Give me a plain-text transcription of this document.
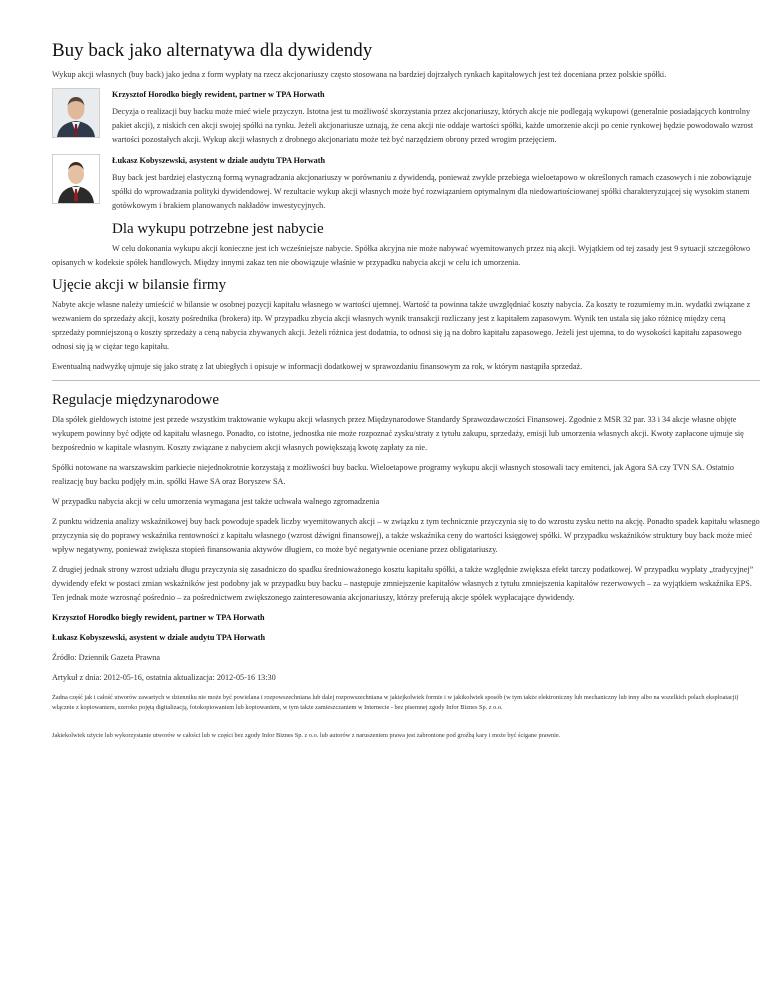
Buy back jako alternatywa dla dywidendy

Wykup akcji własnych (buy back) jako jedna z form wypłaty na rzecz akcjonariuszy często stosowana na bardziej dojrzałych rynkach kapitałowych jest też doceniana przez polskie spółki.

Krzysztof Horodko biegły rewident, partner w TPA Horwath

Decyzja o realizacji buy backu może mieć wiele przyczyn. Istotna jest tu możliwość skorzystania przez akcjonariuszy, których akcje nie podlegają wykupowi (generalnie posiadających kontrolny pakiet akcji), z niskich cen akcji swojej spółki na rynku. Jeżeli akcjonariusze uznają, że cena akcji nie oddaje wartości spółki, każde umorzenie akcji po cenie rynkowej będzie powodowało wzrost wartości pozostałych akcji. Wykup akcji własnych z drobnego akcjonariatu może też być narzędziem obrony przed wrogim przejęciem.

Łukasz Kobyszewski, asystent w dziale audytu TPA Horwath

Buy back jest bardziej elastyczną formą wynagradzania akcjonariuszy w porównaniu z dywidendą, ponieważ zwykle przebiega wieloetapowo w określonych ramach czasowych i nie zobowiązuje spółki do wprowadzania polityki dywidendowej. W rezultacie wykup akcji własnych może być rozwiązaniem optymalnym dla niedowartościowanej spółki charakteryzującej się wysokim stanem gotówkowym i brakiem planowanych nakładów inwestycyjnych.

Dla wykupu potrzebne jest nabycie

W celu dokonania wykupu akcji konieczne jest ich wcześniejsze nabycie. Spółka akcyjna nie może nabywać wyemitowanych przez nią akcji. Wyjątkiem od tej zasady jest 9 sytuacji szczegółowo opisanych w kodeksie spółek handlowych. Między innymi zakaz ten nie obowiązuje właśnie w przypadku nabycia akcji w celu ich umorzenia.

Ujęcie akcji w bilansie firmy

Nabyte akcje własne należy umieścić w bilansie w osobnej pozycji kapitału własnego w wartości ujemnej. Wartość ta powinna także uwzględniać koszty nabycia. Za koszty te rozumiemy m.in. wydatki związane z wezwaniem do sprzedaży akcji, koszty pośrednika (brokera) itp. W przypadku zbycia akcji własnych wynik transakcji rozliczany jest z kapitałem zapasowym. Wynik ten ustala się jako różnicę między ceną sprzedaży pomniejszoną o koszty sprzedaży a ceną nabycia zbywanych akcji. Jeżeli różnica jest dodatnia, to odnosi się ją na dobro kapitału zapasowego. Jeżeli jest ujemna, to do wysokości kapitału zapasowego odnosi się ją w ciężar tego kapitału.

Ewentualną nadwyżkę ujmuje się jako stratę z lat ubiegłych i opisuje w informacji dodatkowej w sprawozdaniu finansowym za rok, w którym nastąpiła sprzedaż.

Regulacje międzynarodowe

Dla spółek giełdowych istotne jest przede wszystkim traktowanie wykupu akcji własnych przez Międzynarodowe Standardy Sprawozdawczości Finansowej. Zgodnie z MSR 32 par. 33 i 34 akcje własne objęte wykupem powinny być odjęte od kapitału własnego. Ponadto, co istotne, jednostka nie może rozpoznać zysku/straty z tytułu zakupu, sprzedaży, emisji lub umorzenia własnych akcji. Kwoty zapłacone ujmuje się bezpośrednio w kapitale własnym. Koszty związane z nabyciem akcji własnych powiększają kwotę zapłaty za nie.

Spółki notowane na warszawskim parkiecie niejednokrotnie korzystają z możliwości buy backu. Wieloetapowe programy wykupu akcji własnych stosowali tacy emitenci, jak Agora SA czy TVN SA. Ostatnio realizację buy backu podjęły m.in. spółki Hawe SA oraz Boryszew SA.

W przypadku nabycia akcji w celu umorzenia wymagana jest także uchwała walnego zgromadzenia

Z punktu widzenia analizy wskaźnikowej buy back powoduje spadek liczby wyemitowanych akcji – w związku z tym technicznie przyczynia się to do wzrostu zysku netto na akcję. Ponadto spadek kapitału własnego przyczynia się do poprawy wskaźnika rentowności z kapitału własnego (wzrost dźwigni finansowej), a także wskaźnika ceny do wartości księgowej spółki. W przypadku wskaźników struktury buy back może mieć wpływ negatywny, ponieważ zwiększa stopień finansowania aktywów długiem, co może być negatywnie oceniane przez obligatariuszy.

Z drugiej jednak strony wzrost udziału długu przyczynia się zasadniczo do spadku średnioważonego kosztu kapitału spółki, a także względnie zwiększa efekt tarczy podatkowej. W przypadku wypłaty „tradycyjnej” dywidendy efekt w postaci zmian wskaźników jest podobny jak w przypadku buy backu – następuje zmniejszenie kapitałów własnych z tytułu zmniejszenia kapitałów rezerwowych – za wyjątkiem wskaźnika EPS. Ten jednak może wzrosnąć pośrednio – za pośrednictwem zwiększonego zainteresowania akcjonariuszy, którzy preferują akcje spółek wypłacające dywidendy.

Krzysztof Horodko biegły rewident, partner w TPA Horwath

Łukasz Kobyszewski, asystent w dziale audytu TPA Horwath

Źródło: Dziennik Gazeta Prawna

Artykuł z dnia: 2012-05-16, ostatnia aktualizacja: 2012-05-16 13:30

Żadna część jak i całość utworów zawartych w dzienniku nie może być powielana i rozpowszechniana lub dalej rozpowszechniana w jakiejkolwiek formie i w jakikolwiek sposób (w tym także elektroniczny lub mechaniczny lub inny albo na wszelkich polach eksploatacji) włącznie z kopiowaniem, szeroko pojętą digitalizacją, fotokopiowaniem lub kopiowaniem, w tym także zamieszczaniem w Internecie - bez pisemnej zgody Infor Biznes Sp. z o.o.

Jakiekolwiek użycie lub wykorzystanie utworów w całości lub w części bez zgody Infor Biznes Sp. z o.o. lub autorów z naruszeniem prawa jest zabronione pod groźbą kary i może być ścigane prawnie.
